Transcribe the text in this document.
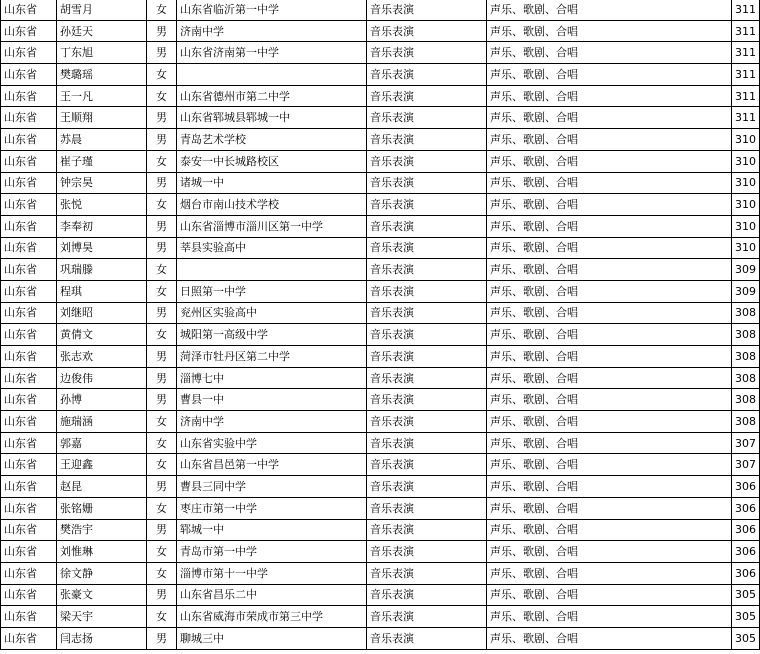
山东省	胡雪月	女	山东省临沂第一中学	音乐表演	声乐、歌剧、合唱	311
山东省	孙廷天	男	济南中学	音乐表演	声乐、歌剧、合唱	311
山东省	丁东旭	男	山东省济南第一中学	音乐表演	声乐、歌剧、合唱	311
山东省	樊璐瑶	女		音乐表演	声乐、歌剧、合唱	311
山东省	王一凡	女	山东省德州市第二中学	音乐表演	声乐、歌剧、合唱	311
山东省	王顺翔	男	山东省郓城县郓城一中	音乐表演	声乐、歌剧、合唱	311
山东省	苏晨	男	青岛艺术学校	音乐表演	声乐、歌剧、合唱	310
山东省	崔子瑾	女	泰安一中长城路校区	音乐表演	声乐、歌剧、合唱	310
山东省	钟宗昊	男	诸城一中	音乐表演	声乐、歌剧、合唱	310
山东省	张悦	女	烟台市南山技术学校	音乐表演	声乐、歌剧、合唱	310
山东省	李奉初	男	山东省淄博市淄川区第一中学	音乐表演	声乐、歌剧、合唱	310
山东省	刘博昊	男	莘县实验高中	音乐表演	声乐、歌剧、合唱	310
山东省	巩瑞滕	女		音乐表演	声乐、歌剧、合唱	309
山东省	程琪	女	日照第一中学	音乐表演	声乐、歌剧、合唱	309
山东省	刘继昭	男	兖州区实验高中	音乐表演	声乐、歌剧、合唱	308
山东省	黄倩文	女	城阳第一高级中学	音乐表演	声乐、歌剧、合唱	308
山东省	张志欢	男	菏泽市牡丹区第二中学	音乐表演	声乐、歌剧、合唱	308
山东省	边俊伟	男	淄博七中	音乐表演	声乐、歌剧、合唱	308
山东省	孙博	男	曹县一中	音乐表演	声乐、歌剧、合唱	308
山东省	施瑞涵	女	济南中学	音乐表演	声乐、歌剧、合唱	308
山东省	郭嘉	女	山东省实验中学	音乐表演	声乐、歌剧、合唱	307
山东省	王迎鑫	女	山东省昌邑第一中学	音乐表演	声乐、歌剧、合唱	307
山东省	赵昆	男	曹县三同中学	音乐表演	声乐、歌剧、合唱	306
山东省	张铭姗	女	枣庄市第一中学	音乐表演	声乐、歌剧、合唱	306
山东省	樊浩宇	男	郓城一中	音乐表演	声乐、歌剧、合唱	306
山东省	刘惟琳	女	青岛市第一中学	音乐表演	声乐、歌剧、合唱	306
山东省	徐文静	女	淄博市第十一中学	音乐表演	声乐、歌剧、合唱	306
山东省	张豪文	男	山东省昌乐二中	音乐表演	声乐、歌剧、合唱	305
山东省	梁天宇	女	山东省威海市荣成市第三中学	音乐表演	声乐、歌剧、合唱	305
山东省	闫志扬	男	聊城三中	音乐表演	声乐、歌剧、合唱	305
